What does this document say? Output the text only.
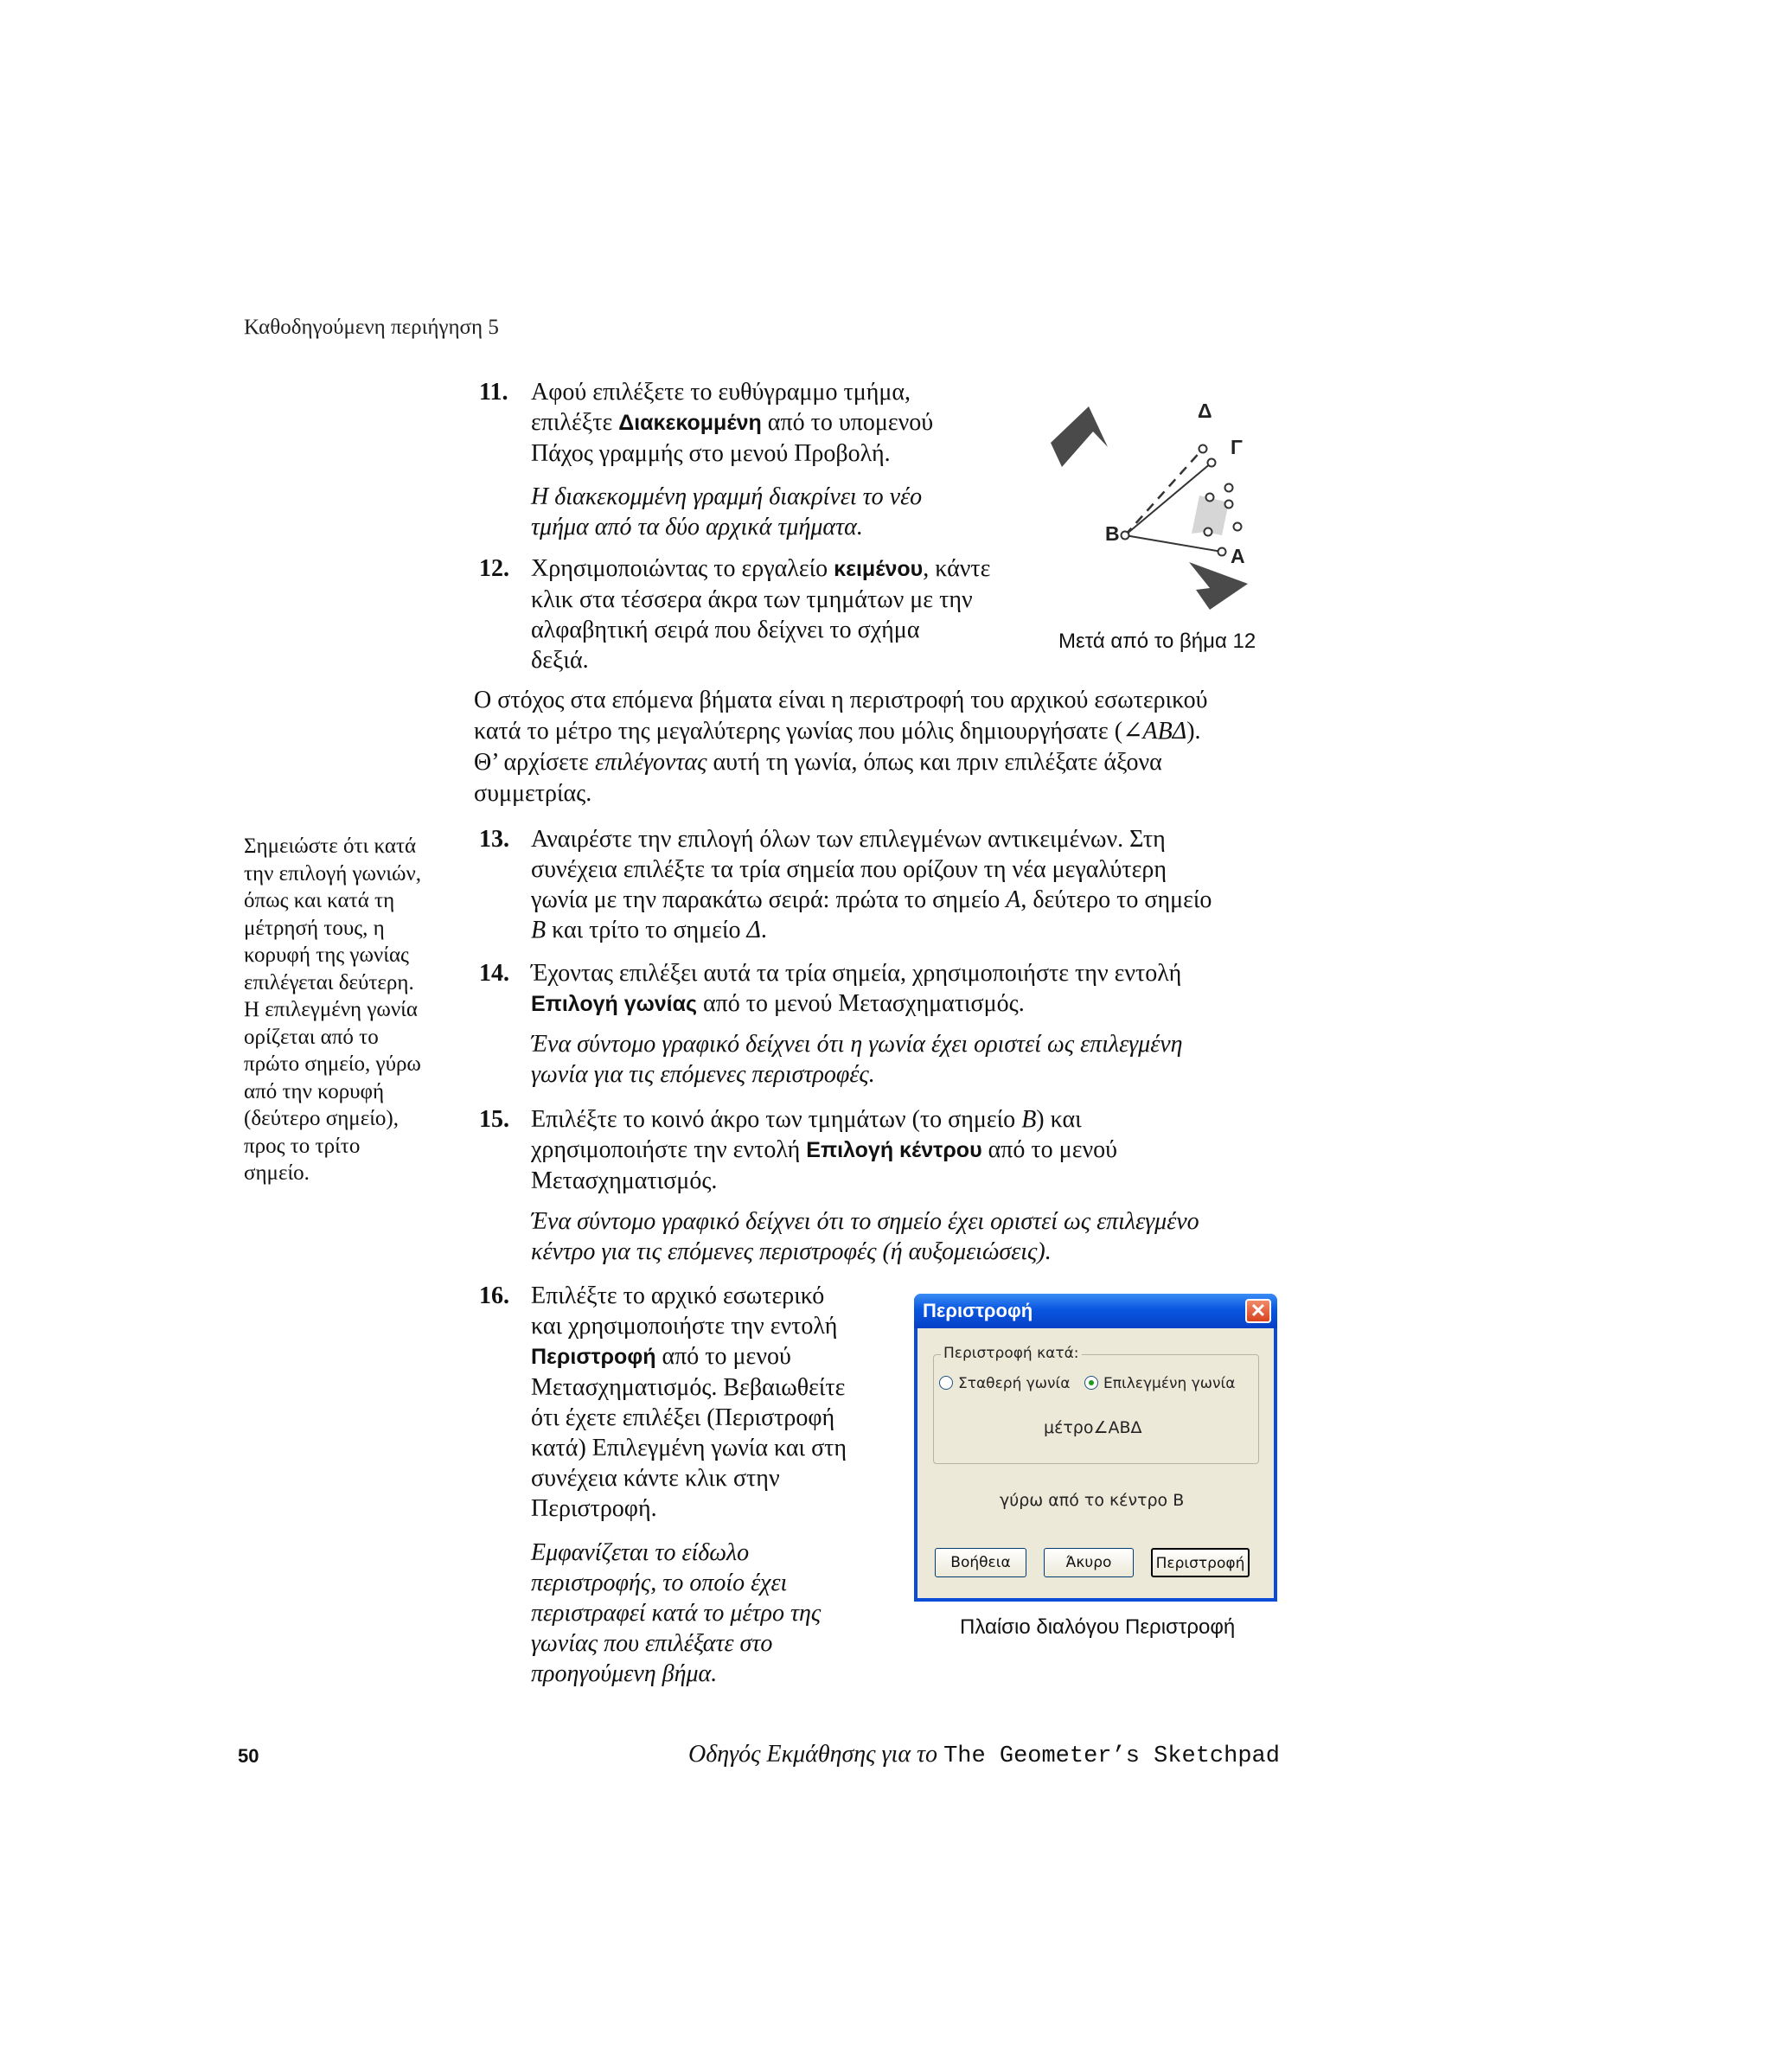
Καθοδηγούμενη περιήγηση 5
11. Αφού επιλέξετε το ευθύγραμμο τμήμα,
επιλέξτε Διακεκομμένη από το υπομενού
Πάχος γραμμής στο μενού Προβολή.
Η διακεκομμένη γραμμή διακρίνει το νέο
τμήμα από τα δύο αρχικά τμήματα.
12. Χρησιμοποιώντας το εργαλείο κειμένου, κάντε
κλικ στα τέσσερα άκρα των τμημάτων με την
αλφαβητική σειρά που δείχνει το σχήμα
δεξιά.
Δ
Γ
Β
Α
Μετά από το βήμα 12
Ο στόχος στα επόμενα βήματα είναι η περιστροφή του αρχικού εσωτερικού
κατά το μέτρο της μεγαλύτερης γωνίας που μόλις δημιουργήσατε (∠ΑΒΔ).
Θ’ αρχίσετε επιλέγοντας αυτή τη γωνία, όπως και πριν επιλέξατε άξονα
συμμετρίας.
Σημειώστε ότι κατά
την επιλογή γωνιών,
όπως και κατά τη
μέτρησή τους, η
κορυφή της γωνίας
επιλέγεται δεύτερη.
Η επιλεγμένη γωνία
ορίζεται από το
πρώτο σημείο, γύρω
από την κορυφή
(δεύτερο σημείο),
προς το τρίτο
σημείο.
13. Αναιρέστε την επιλογή όλων των επιλεγμένων αντικειμένων. Στη
συνέχεια επιλέξτε τα τρία σημεία που ορίζουν τη νέα μεγαλύτερη
γωνία με την παρακάτω σειρά: πρώτα το σημείο Α, δεύτερο το σημείο
Β και τρίτο το σημείο Δ.
14. Έχοντας επιλέξει αυτά τα τρία σημεία, χρησιμοποιήστε την εντολή
Επιλογή γωνίας από το μενού Μετασχηματισμός.
Ένα σύντομο γραφικό δείχνει ότι η γωνία έχει οριστεί ως επιλεγμένη
γωνία για τις επόμενες περιστροφές.
15. Επιλέξτε το κοινό άκρο των τμημάτων (το σημείο Β) και
χρησιμοποιήστε την εντολή Επιλογή κέντρου από το μενού
Μετασχηματισμός.
Ένα σύντομο γραφικό δείχνει ότι το σημείο έχει οριστεί ως επιλεγμένο
κέντρο για τις επόμενες περιστροφές (ή αυξομειώσεις).
16. Επιλέξτε το αρχικό εσωτερικό
και χρησιμοποιήστε την εντολή
Περιστροφή από το μενού
Μετασχηματισμός. Βεβαιωθείτε
ότι έχετε επιλέξει (Περιστροφή
κατά) Επιλεγμένη γωνία και στη
συνέχεια κάντε κλικ στην
Περιστροφή.
Εμφανίζεται το είδωλο
περιστροφής, το οποίο έχει
περιστραφεί κατά το μέτρο της
γωνίας που επιλέξατε στο
προηγούμενη βήμα.
Περιστροφή	✕
Περιστροφή κατά:
Σταθερή γωνία	Επιλεγμένη γωνία
μέτρο∠ΑΒΔ
γύρω από το κέντρο Β
Βοήθεια	Άκυρο	Περιστροφή
Πλαίσιο διαλόγου Περιστροφή
50	Οδηγός Εκμάθησης για το The Geometer’s Sketchpad
